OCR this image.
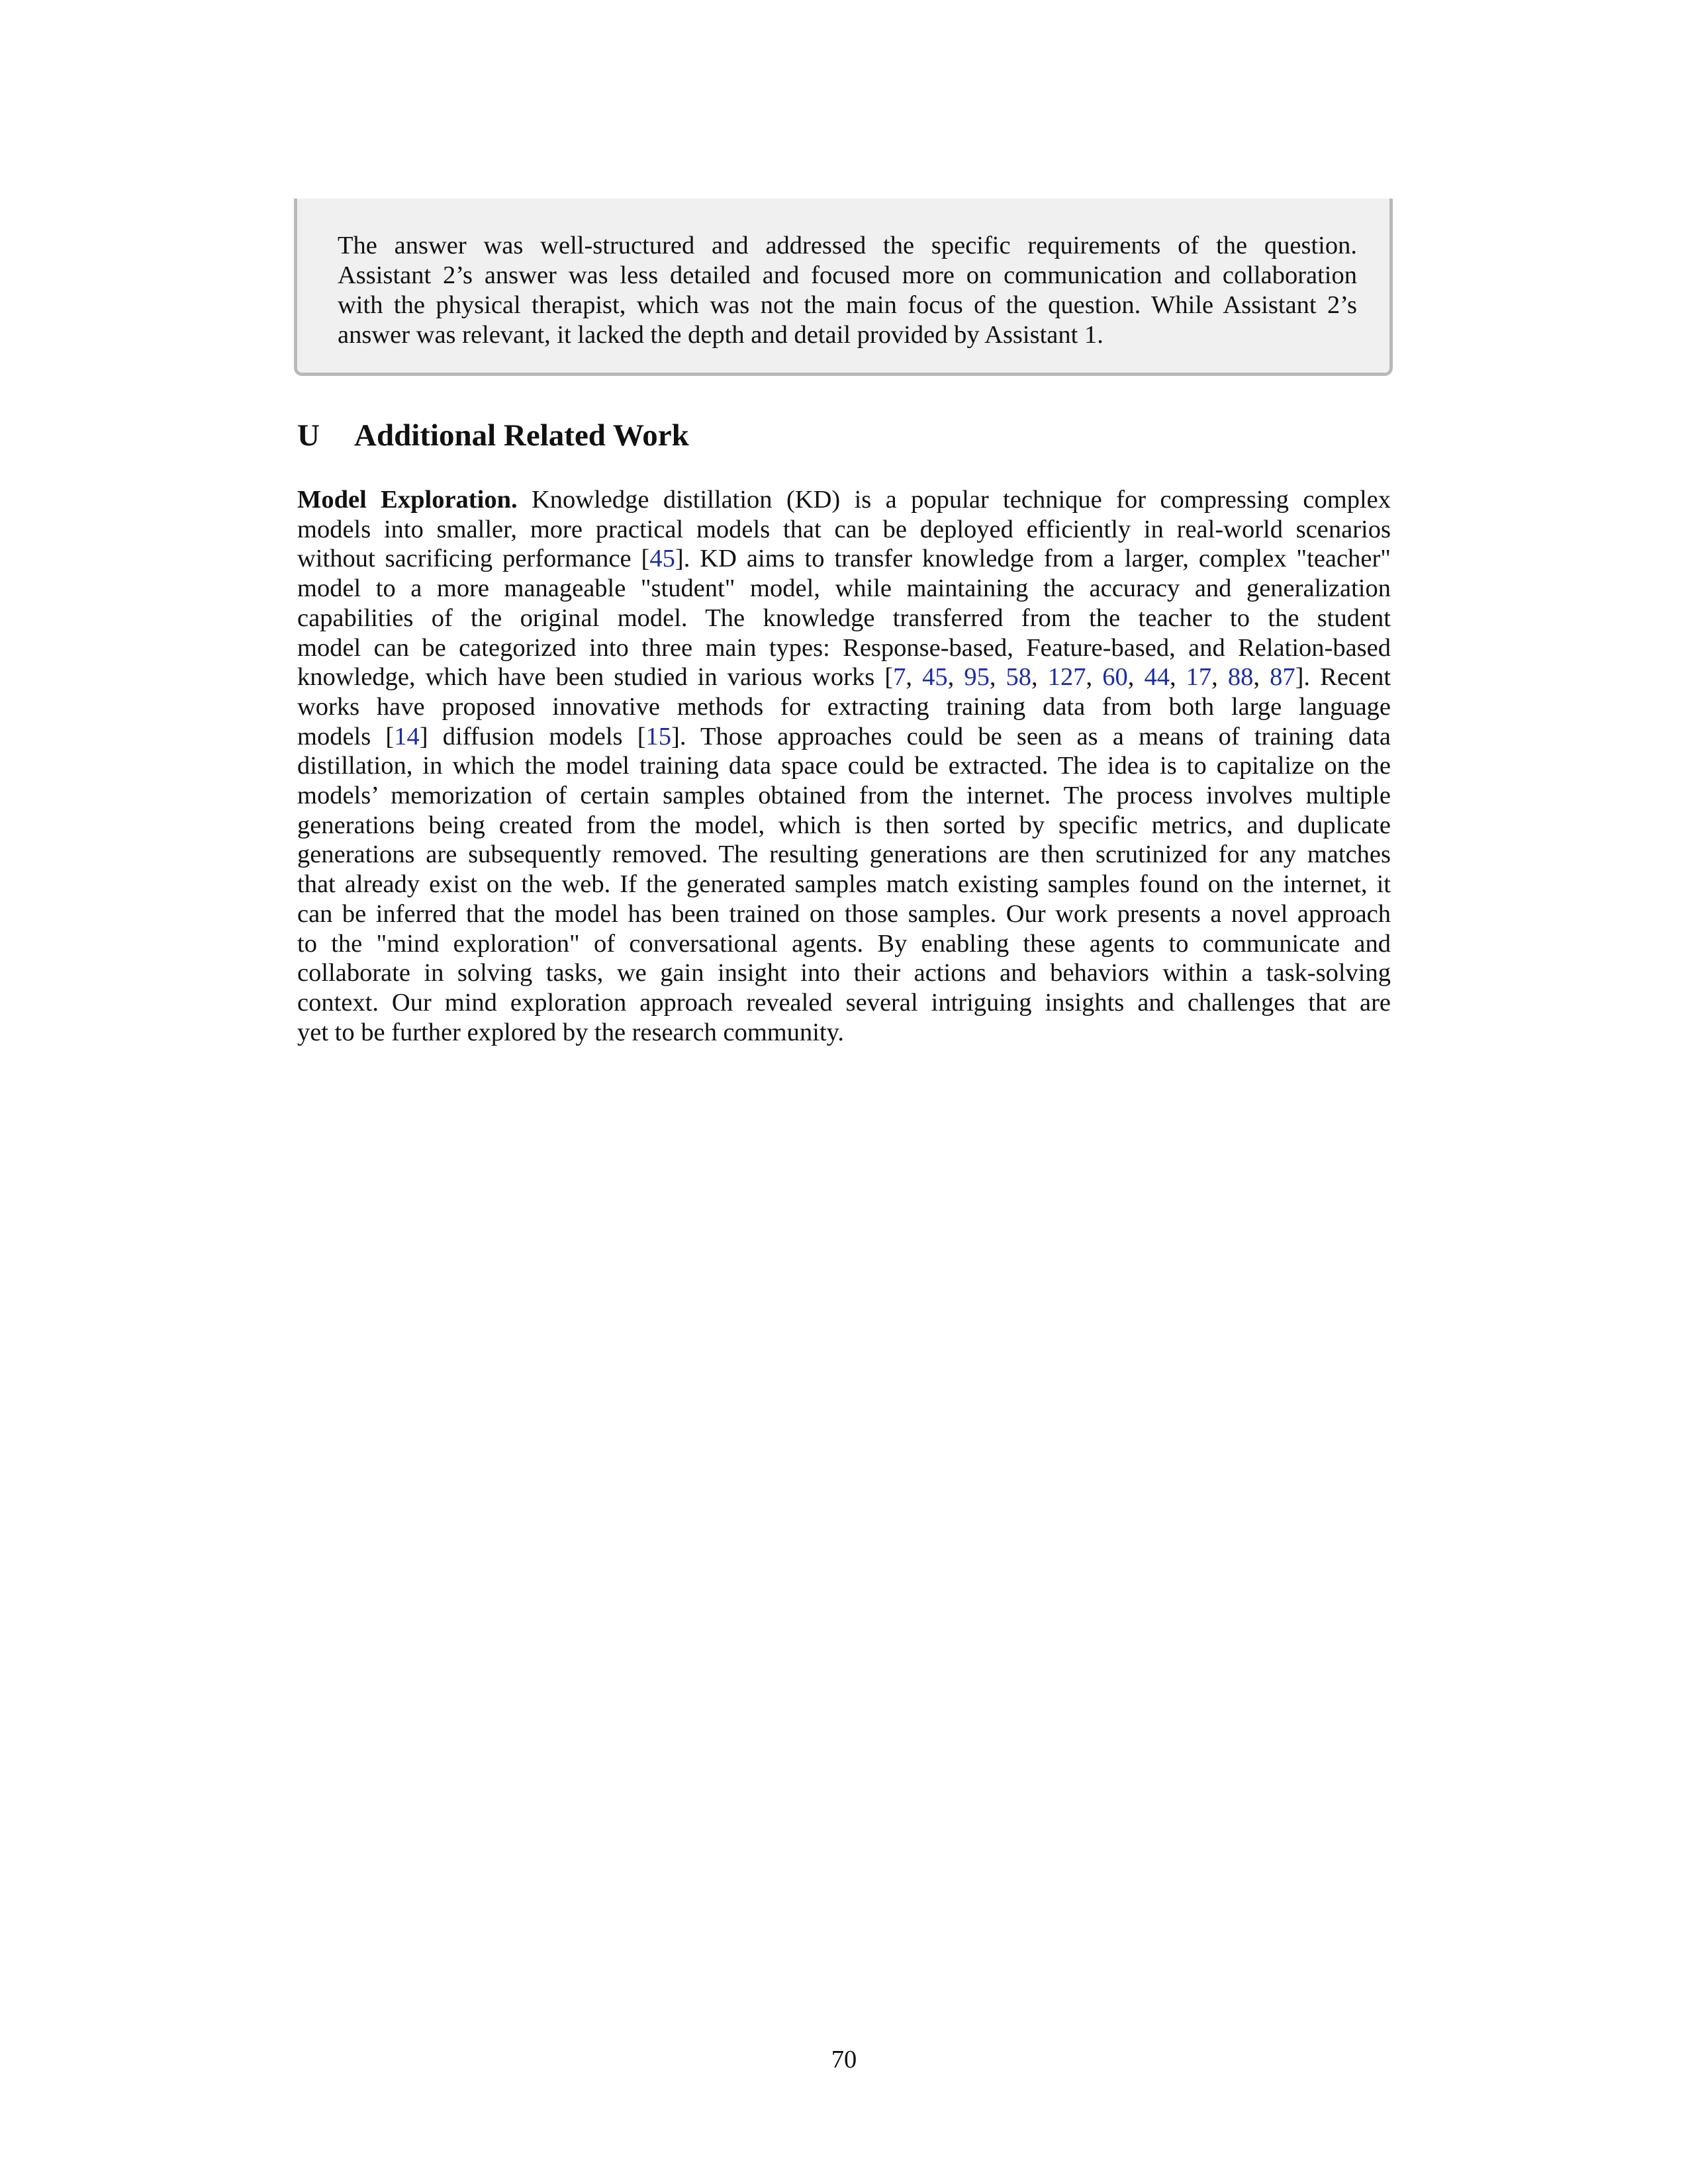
The answer was well-structured and addressed the specific requirements of the question.
Assistant 2’s answer was less detailed and focused more on communication and collaboration
with the physical therapist, which was not the main focus of the question. While Assistant 2’s
answer was relevant, it lacked the depth and detail provided by Assistant 1.
U Additional Related Work
Model Exploration. Knowledge distillation (KD) is a popular technique for compressing complex
models into smaller, more practical models that can be deployed efficiently in real-world scenarios
without sacrificing performance [45]. KD aims to transfer knowledge from a larger, complex "teacher"
model to a more manageable "student" model, while maintaining the accuracy and generalization
capabilities of the original model. The knowledge transferred from the teacher to the student
model can be categorized into three main types: Response-based, Feature-based, and Relation-based
knowledge, which have been studied in various works [7, 45, 95, 58, 127, 60, 44, 17, 88, 87]. Recent
works have proposed innovative methods for extracting training data from both large language
models [14] diffusion models [15]. Those approaches could be seen as a means of training data
distillation, in which the model training data space could be extracted. The idea is to capitalize on the
models’ memorization of certain samples obtained from the internet. The process involves multiple
generations being created from the model, which is then sorted by specific metrics, and duplicate
generations are subsequently removed. The resulting generations are then scrutinized for any matches
that already exist on the web. If the generated samples match existing samples found on the internet, it
can be inferred that the model has been trained on those samples. Our work presents a novel approach
to the "mind exploration" of conversational agents. By enabling these agents to communicate and
collaborate in solving tasks, we gain insight into their actions and behaviors within a task-solving
context. Our mind exploration approach revealed several intriguing insights and challenges that are
yet to be further explored by the research community.
70
